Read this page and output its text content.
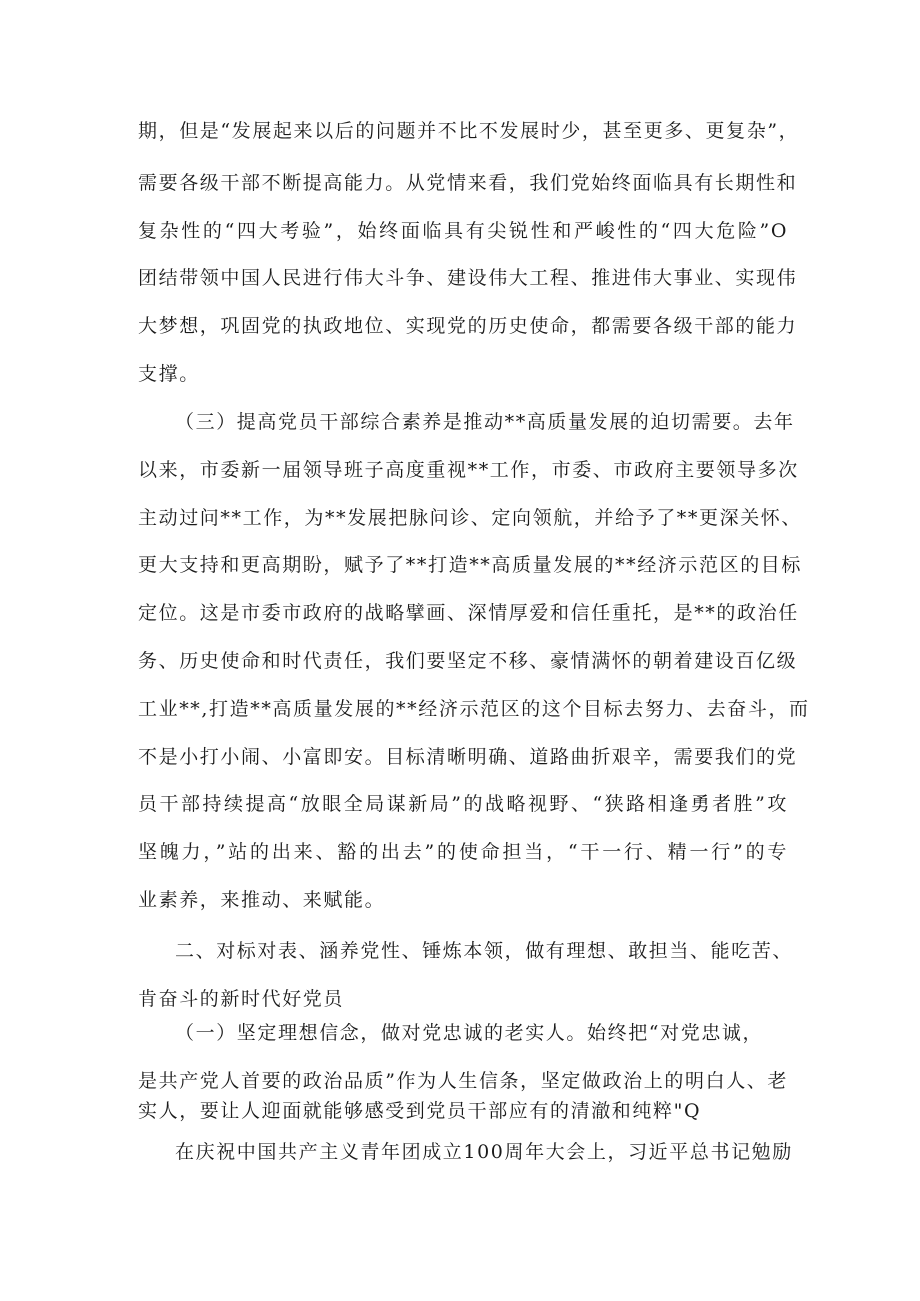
期，但是“发展起来以后的问题并不比不发展时少，甚至更多、更复杂”，
需要各级干部不断提高能力。从党情来看，我们党始终面临具有长期性和
复杂性的“四大考验”，始终面临具有尖锐性和严峻性的“四大危险”O
团结带领中国人民进行伟大斗争、建设伟大工程、推进伟大事业、实现伟
大梦想，巩固党的执政地位、实现党的历史使命，都需要各级干部的能力
支撑。
（三）提高党员干部综合素养是推动**高质量发展的迫切需要。去年
以来，市委新一届领导班子高度重视**工作，市委、市政府主要领导多次
主动过问**工作，为**发展把脉问诊、定向领航，并给予了**更深关怀、
更大支持和更高期盼，赋予了**打造**高质量发展的**经济示范区的目标
定位。这是市委市政府的战略擘画、深情厚爱和信任重托，是**的政治任
务、历史使命和时代责任，我们要坚定不移、豪情满怀的朝着建设百亿级
工业**,打造**高质量发展的**经济示范区的这个目标去努力、去奋斗，而
不是小打小闹、小富即安。目标清晰明确、道路曲折艰辛，需要我们的党
员干部持续提高“放眼全局谋新局”的战略视野、“狭路相逢勇者胜”攻
坚魄力，”站的出来、豁的出去”的使命担当，“干一行、精一行”的专
业素养，来推动、来赋能。
二、对标对表、涵养党性、锤炼本领，做有理想、敢担当、能吃苦、
肯奋斗的新时代好党员
（一）坚定理想信念，做对党忠诚的老实人。始终把“对党忠诚，
是共产党人首要的政治品质”作为人生信条，坚定做政治上的明白人、老
实人，要让人迎面就能够感受到党员干部应有的清澈和纯粹"Q
在庆祝中国共产主义青年团成立100周年大会上，习近平总书记勉励
